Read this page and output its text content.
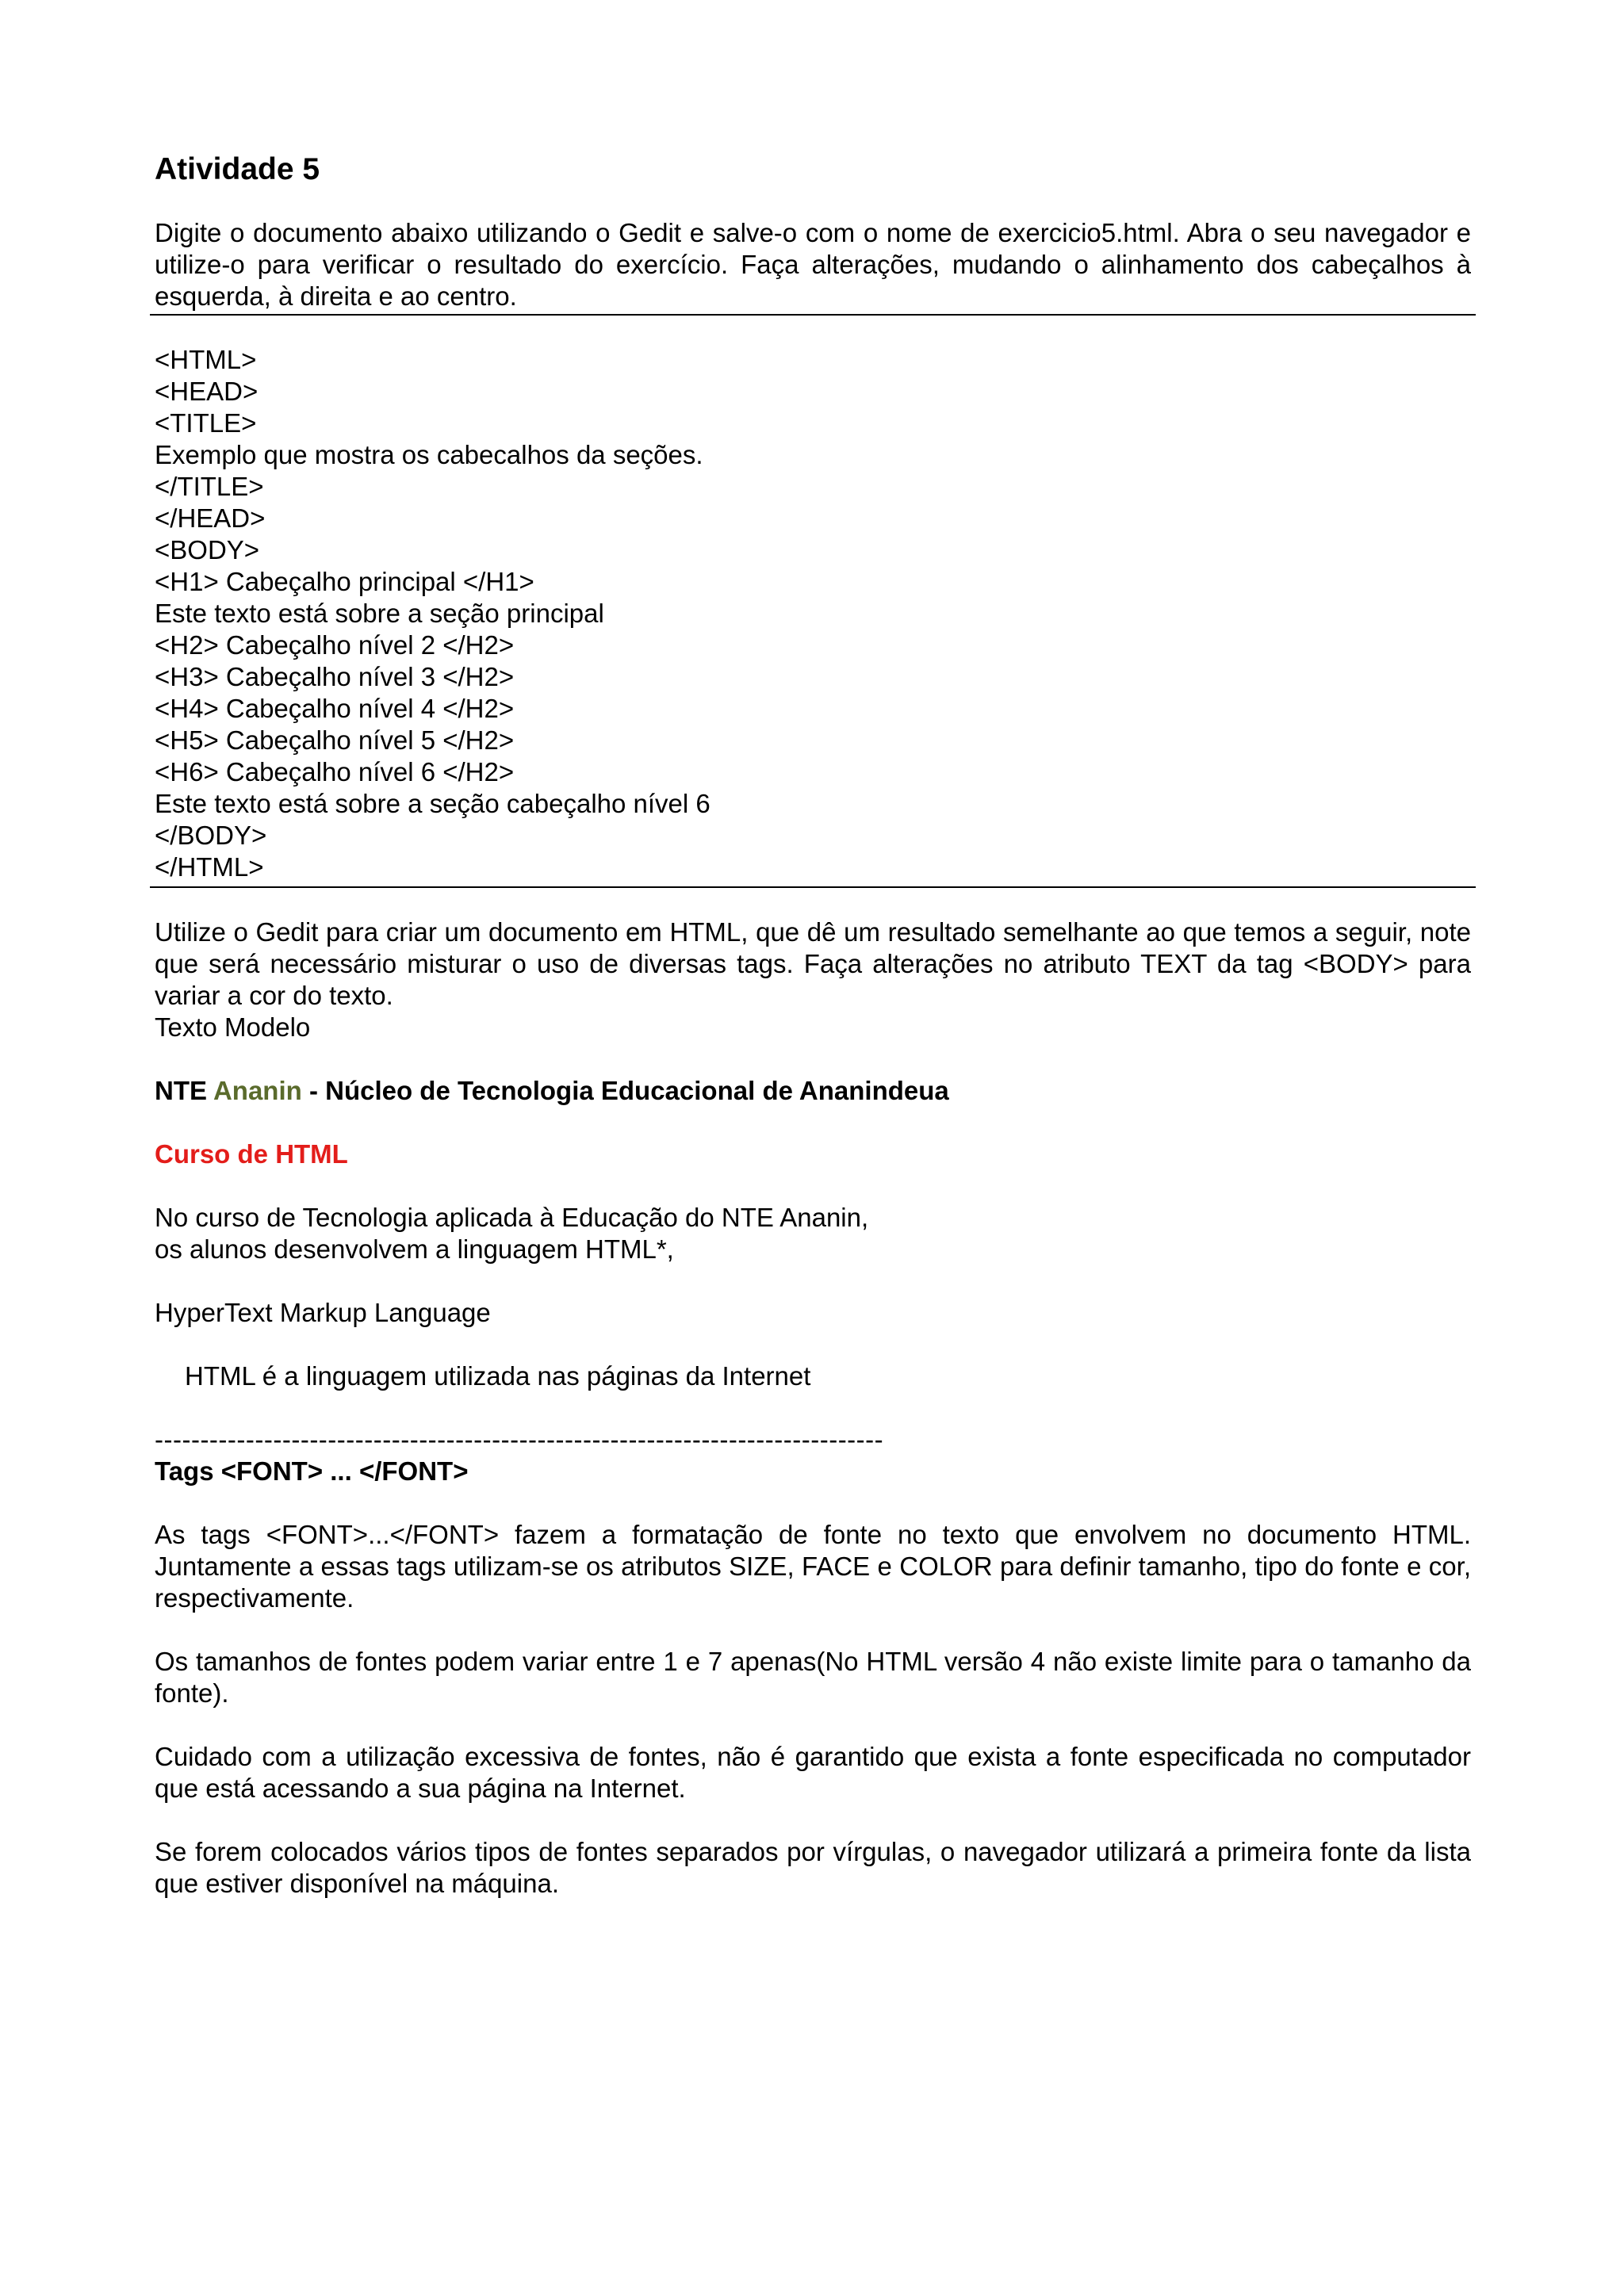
Atividade 5

Digite o documento abaixo utilizando o Gedit e salve-o com o nome de exercicio5.html. Abra o seu navegador e utilize-o para verificar o resultado do exercício. Faça alterações, mudando o alinhamento dos cabeçalhos à esquerda, à direita e ao centro.

<HTML>
<HEAD>
<TITLE>
Exemplo que mostra os cabecalhos da seções.
</TITLE>
</HEAD>
<BODY>
<H1> Cabeçalho principal </H1>
Este texto está sobre a seção principal
<H2> Cabeçalho nível 2 </H2>
<H3> Cabeçalho nível 3 </H2>
<H4> Cabeçalho nível 4 </H2>
<H5> Cabeçalho nível 5 </H2>
<H6> Cabeçalho nível 6 </H2>
Este texto está sobre a seção cabeçalho nível 6
</BODY>
</HTML>

Utilize o Gedit para criar um documento em HTML, que dê um resultado semelhante ao que temos a seguir, note que será necessário misturar o uso de diversas tags. Faça alterações no atributo TEXT da tag <BODY> para variar a cor do texto.

Texto Modelo
NTE Ananin - Núcleo de Tecnologia Educacional de Ananindeua
Curso de HTML
No curso de Tecnologia aplicada à Educação do NTE Ananin,
os alunos desenvolvem a linguagem HTML*,
HyperText Markup Language
HTML é a linguagem utilizada nas páginas da Internet
--------------------------------------------------------------------------------
Tags <FONT> ... </FONT>

As tags <FONT>...</FONT> fazem a formatação de fonte no texto que envolvem no documento HTML. Juntamente a essas tags utilizam-se os atributos SIZE, FACE e COLOR para definir tamanho, tipo do fonte e cor, respectivamente.

Os tamanhos de fontes podem variar entre 1 e 7 apenas(No HTML versão 4 não existe limite para o tamanho da fonte).

Cuidado com a utilização excessiva de fontes, não é garantido que exista a fonte especificada no computador que está acessando a sua página na Internet.

Se forem colocados vários tipos de fontes separados por vírgulas, o navegador utilizará a primeira fonte da lista que estiver disponível na máquina.
